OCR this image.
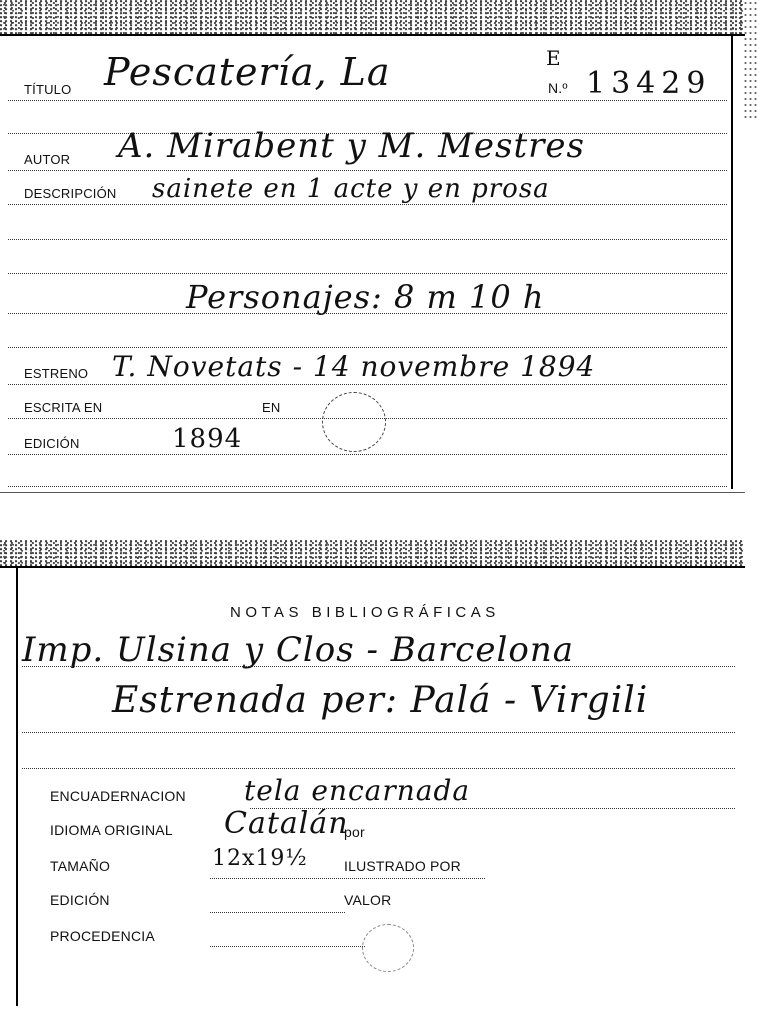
TÍTULO Pescatería, La	E
N.º 13429
AUTOR A. Mirabent y M. Mestres
DESCRIPCIÓN sainete en 1 acte y en prosa
Personajes: 8 m 10 h
ESTRENO T. Novetats - 14 novembre 1894
ESCRITA EN	EN
EDICIÓN	1894
NOTAS BIBLIOGRÁFICAS
Imp. Ulsina y Clos - Barcelona
Estrenada per: Palá - Virgili
ENCUADERNACION tela encarnada
IDIOMA ORIGINAL Catalán
por
TAMAÑO	12x19½	ILUSTRADO POR
EDICIÓN	VALOR
PROCEDENCIA
